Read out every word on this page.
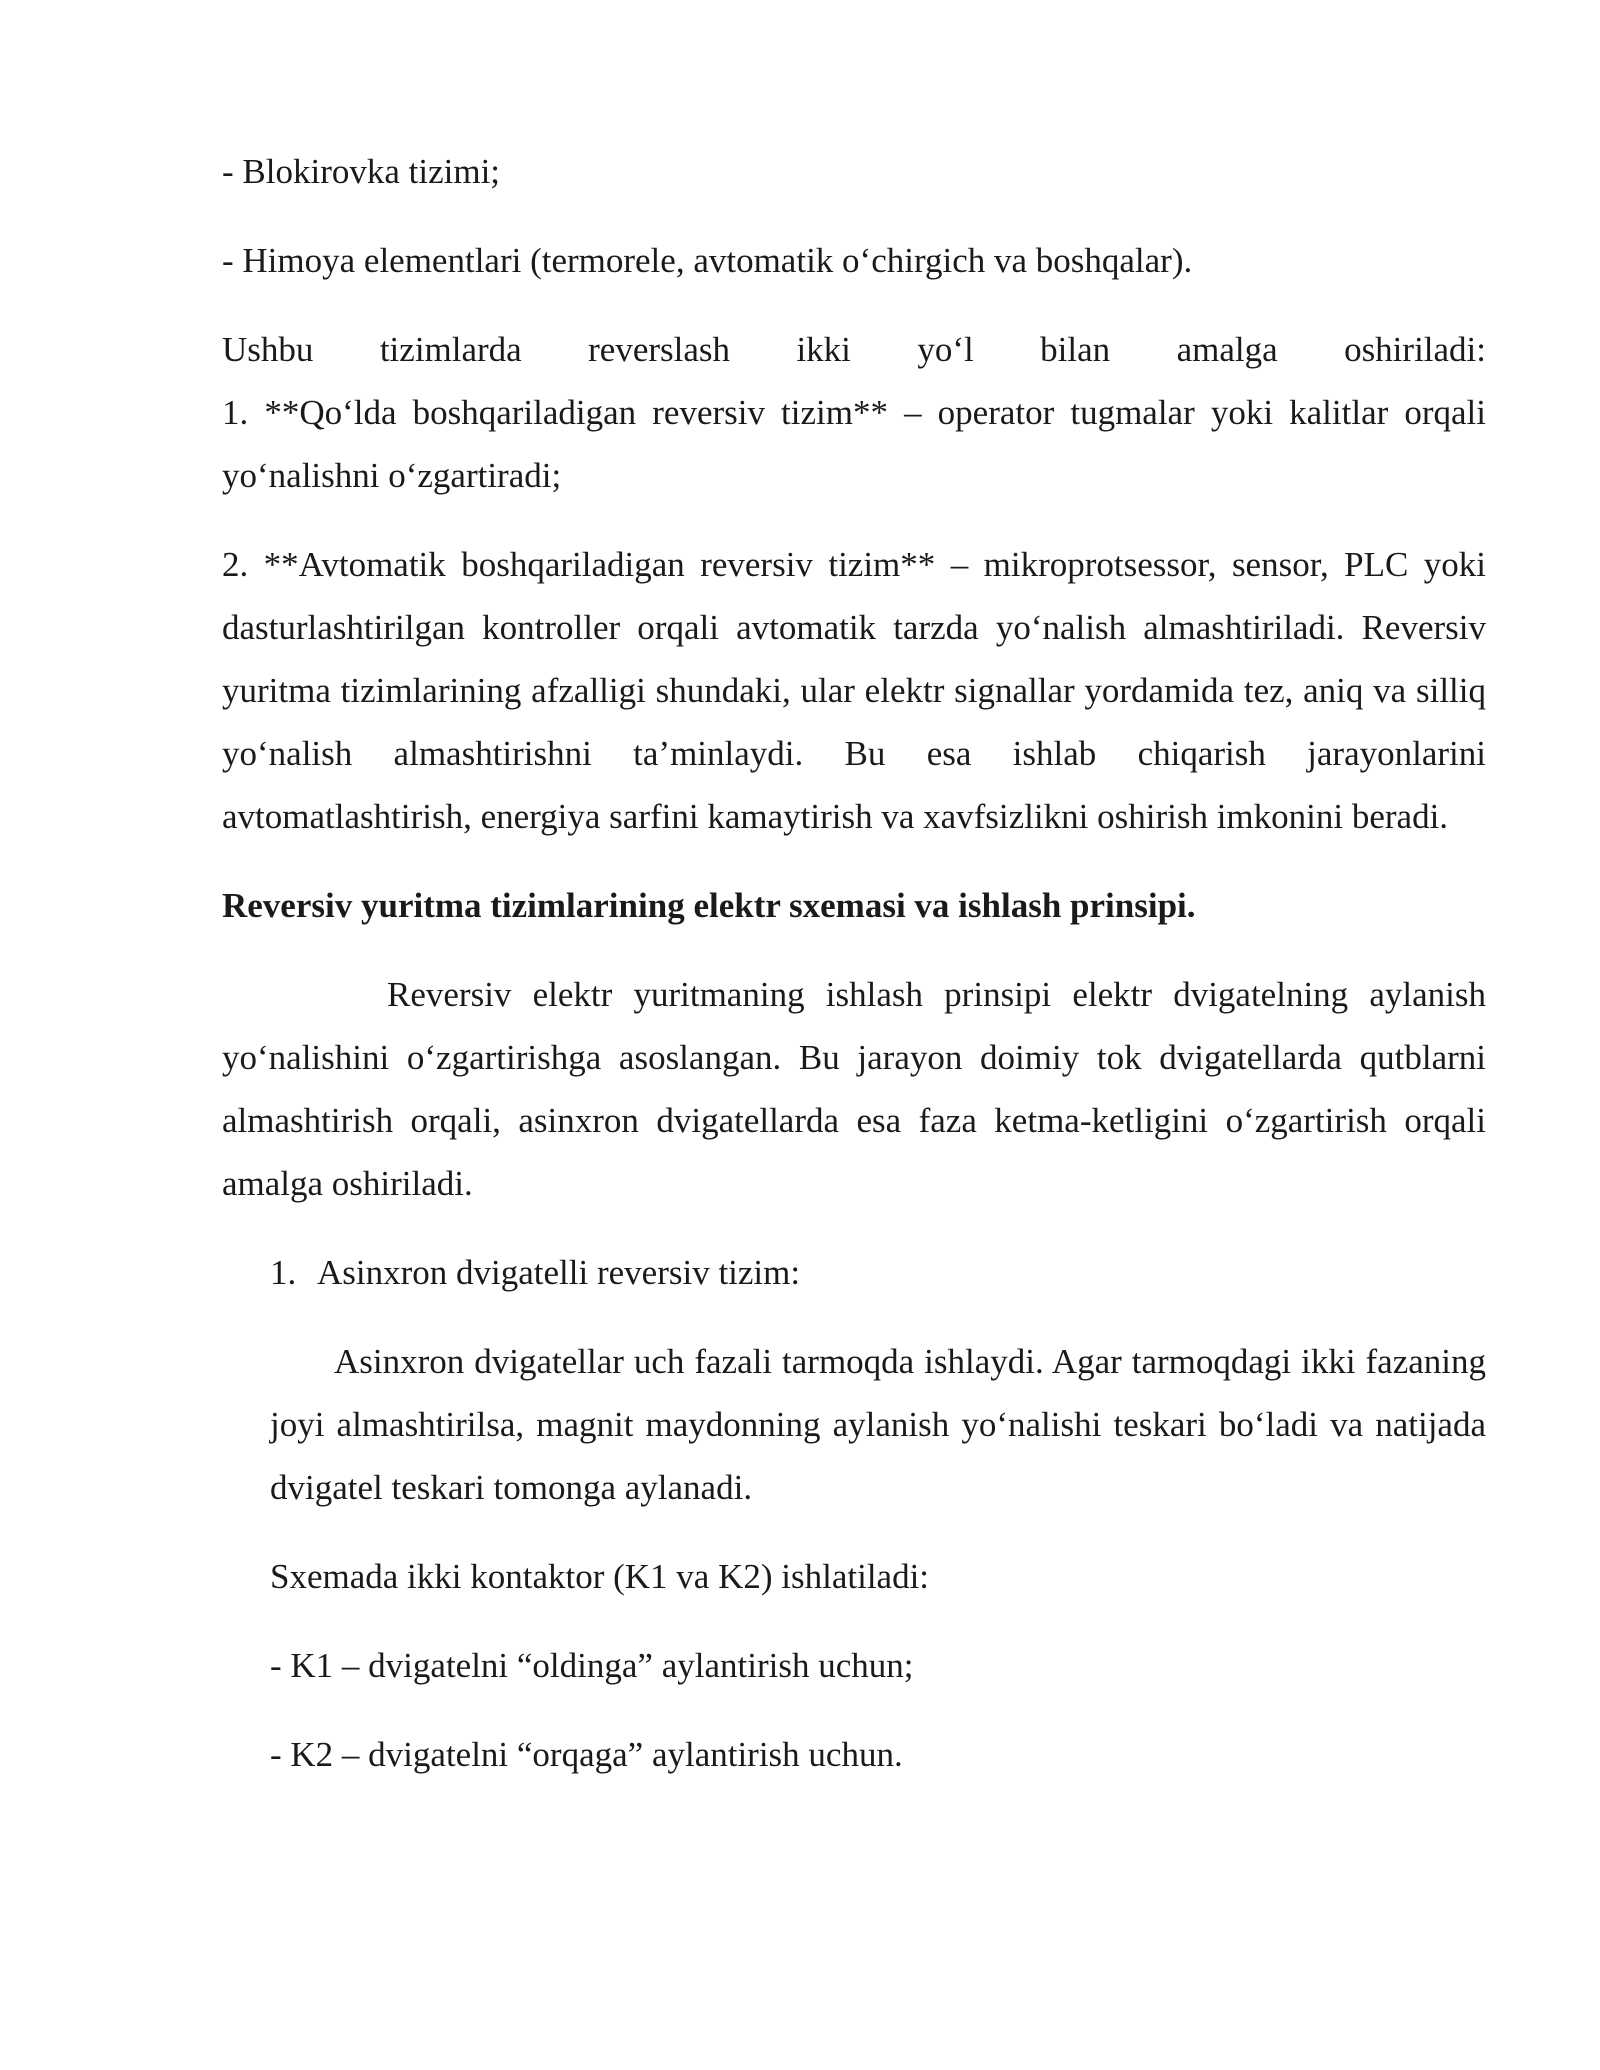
- Blokirovka tizimi;

- Himoya elementlari (termorele, avtomatik o‘chirgich va boshqalar).

Ushbu tizimlarda reverslash ikki yo‘l bilan amalga oshiriladi:

1. **Qo‘lda boshqariladigan reversiv tizim** – operator tugmalar yoki kalitlar orqali yo‘nalishni o‘zgartiradi;

2. **Avtomatik boshqariladigan reversiv tizim** – mikroprotsessor, sensor, PLC yoki dasturlashtirilgan kontroller orqali avtomatik tarzda yo‘nalish almashtiriladi. Reversiv yuritma tizimlarining afzalligi shundaki, ular elektr signallar yordamida tez, aniq va silliq yo‘nalish almashtirishni ta’minlaydi. Bu esa ishlab chiqarish jarayonlarini avtomatlashtirish, energiya sarfini kamaytirish va xavfsizlikni oshirish imkonini beradi.

Reversiv yuritma tizimlarining elektr sxemasi va ishlash prinsipi.

Reversiv elektr yuritmaning ishlash prinsipi elektr dvigatelning aylanish yo‘nalishini o‘zgartirishga asoslangan. Bu jarayon doimiy tok dvigatellarda qutblarni almashtirish orqali, asinxron dvigatellarda esa faza ketma-ketligini o‘zgartirish orqali amalga oshiriladi.

1. Asinxron dvigatelli reversiv tizim:

Asinxron dvigatellar uch fazali tarmoqda ishlaydi. Agar tarmoqdagi ikki fazaning joyi almashtirilsa, magnit maydonning aylanish yo‘nalishi teskari bo‘ladi va natijada dvigatel teskari tomonga aylanadi.

Sxemada ikki kontaktor (K1 va K2) ishlatiladi:

- K1 – dvigatelni “oldinga” aylantirish uchun;

- K2 – dvigatelni “orqaga” aylantirish uchun.
